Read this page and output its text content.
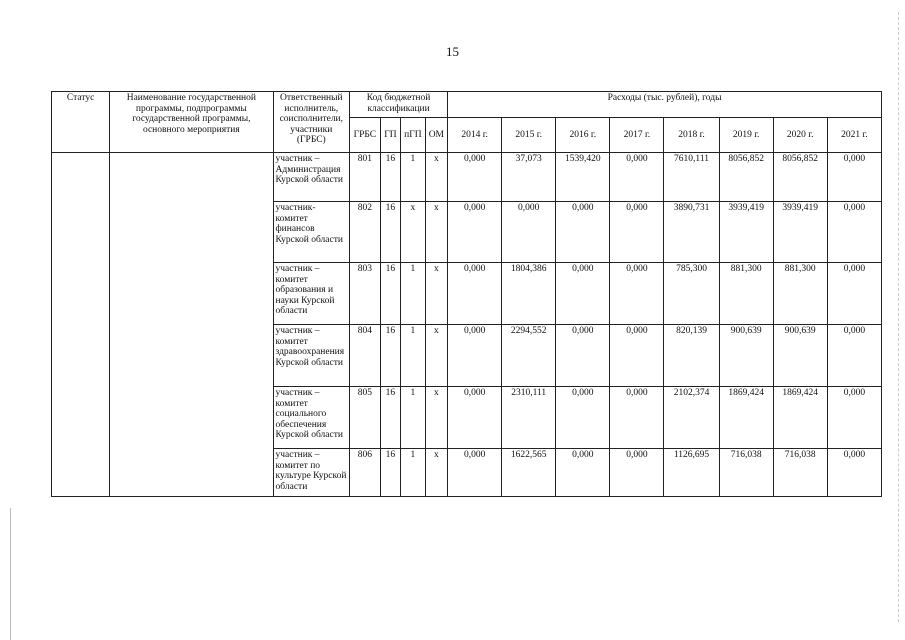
15
Статус	Наименование государственной программы, подпрограммы государственной программы, основного мероприятия	Ответственный исполнитель, соисполнители, участники (ГРБС)	Код бюджетной классификации				Расходы (тыс. рублей), годы							
			ГРБС	ГП	пГП	ОМ	2014 г.	2015 г.	2016 г.	2017 г.	2018 г.	2019 г.	2020 г.	2021 г.
		участник – Администрация Курской области	801	16	1	х	0,000	37,073	1539,420	0,000	7610,111	8056,852	8056,852	0,000
		участник- комитет финансов Курской области	802	16	х	х	0,000	0,000	0,000	0,000	3890,731	3939,419	3939,419	0,000
		участник – комитет образования и науки Курской области	803	16	1	х	0,000	1804,386	0,000	0,000	785,300	881,300	881,300	0,000
		участник – комитет здравоохранения Курской области	804	16	1	х	0,000	2294,552	0,000	0,000	820,139	900,639	900,639	0,000
		участник – комитет социального обеспечения Курской области	805	16	1	х	0,000	2310,111	0,000	0,000	2102,374	1869,424	1869,424	0,000
		участник – комитет по культуре Курской области	806	16	1	х	0,000	1622,565	0,000	0,000	1126,695	716,038	716,038	0,000
